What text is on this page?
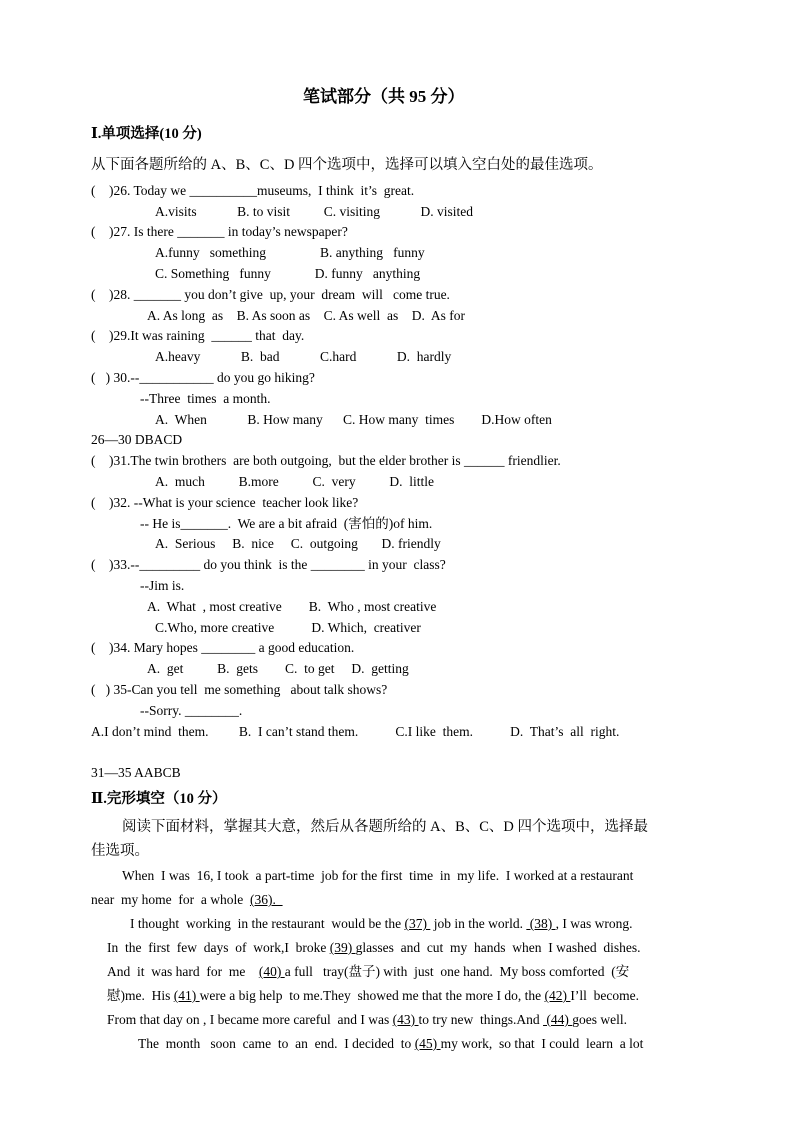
笔试部分（共 95 分）
Ⅰ.单项选择(10 分)
从下面各题所给的 A、B、C、D 四个选项中，选择可以填入空白处的最佳选项。
(    )26. Today we __________museums,  I think  it’s  great.
A.visits            B. to visit          C. visiting            D. visited
(    )27. Is there _______ in today’s newspaper?
A.funny   something                B. anything   funny
C. Something   funny             D. funny   anything
(    )28. _______ you don’t give  up, your  dream  will   come true.
A. As long  as    B. As soon as    C. As well  as    D.  As for
(    )29.It was raining  ______ that  day.
A.heavy            B.  bad            C.hard            D.  hardly
(   ) 30.--___________ do you go hiking?
--Three  times  a month.
A.  When            B. How many      C. How many  times        D.How often
26—30 DBACD
(    )31.The twin brothers  are both outgoing,  but the elder brother is ______ friendlier.
A.  much          B.more          C.  very          D.  little
(    )32. --What is your science  teacher look like?
-- He is_______.  We are a bit afraid  (害怕的)of him.
A.  Serious     B.  nice     C.  outgoing       D. friendly
(    )33.--_________ do you think  is the ________ in your  class?
--Jim is.
A.  What  , most creative        B.  Who , most creative
C.Who, more creative           D. Which,  creativer
(    )34. Mary hopes ________ a good education.
A.  get          B.  gets        C.  to get     D.  getting
(   ) 35-Can you tell  me something   about talk shows?
--Sorry. ________.
A.I don’t mind  them.         B.  I can’t stand them.           C.I like  them.           D.  That’s  all  right.
31—35 AABCB
Ⅱ.完形填空（10 分）
阅读下面材料，掌握其大意，然后从各题所给的 A、B、C、D 四个选项中，选择最
佳选项。
When  I was  16, I took  a part-time  job for the first  time  in  my life.  I worked at a restaurant
near  my home  for  a whole  (36).
I thought  working  in the restaurant  would be the (37)  job in the world.  (38) , I was wrong.
In  the  first  few  days  of  work,I  broke (39) glasses  and  cut  my  hands  when  I washed  dishes.
And  it  was hard  for  me    (40) a full   tray(盘子) with  just  one hand.  My boss comforted  (安
慰)me.  His (41) were a big help  to me.They  showed me that the more I do, the (42) I’ll  become.
From that day on , I became more careful  and I was (43) to try new  things.And  (44) goes well.
The  month   soon  came  to  an  end.  I decided  to (45) my work,  so that  I could  learn  a lot
